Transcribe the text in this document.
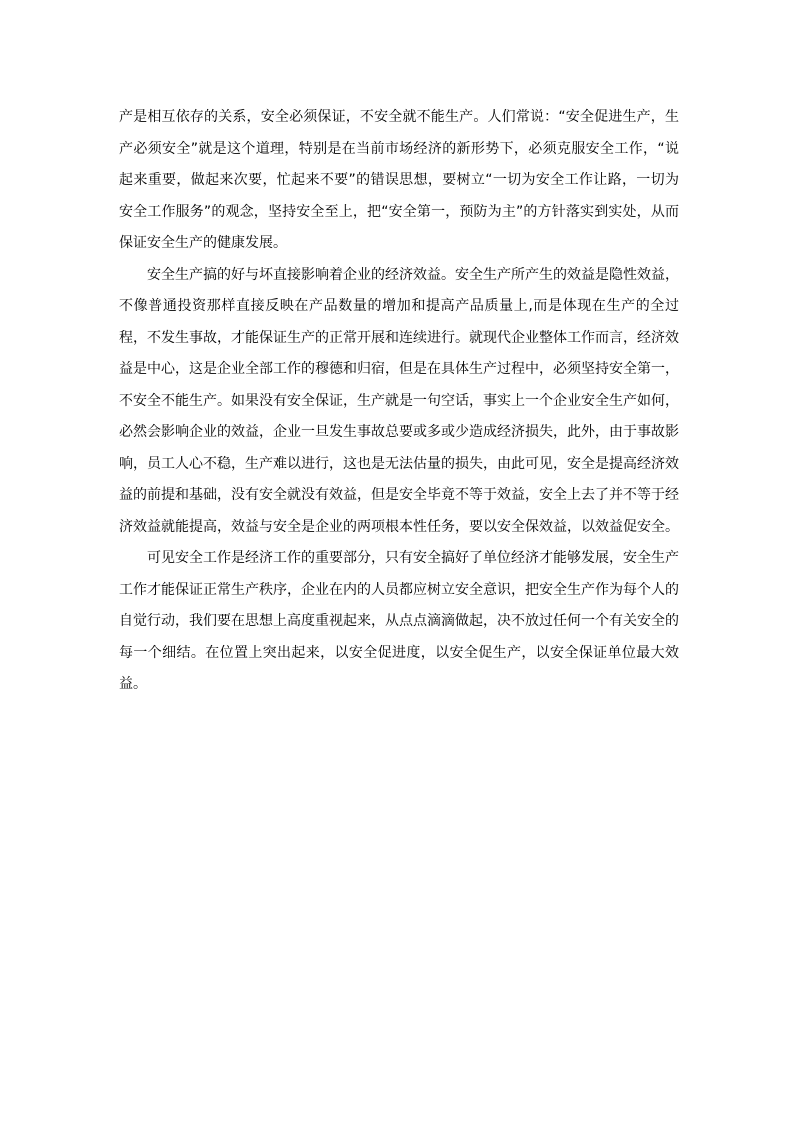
产是相互依存的关系，安全必须保证，不安全就不能生产。人们常说：“安全促进生产，生产必须安全”就是这个道理，特别是在当前市场经济的新形势下，必须克服安全工作，“说起来重要，做起来次要，忙起来不要”的错误思想，要树立“一切为安全工作让路，一切为安全工作服务”的观念，坚持安全至上，把“安全第一，预防为主”的方针落实到实处，从而保证安全生产的健康发展。

安全生产搞的好与坏直接影响着企业的经济效益。安全生产所产生的效益是隐性效益，不像普通投资那样直接反映在产品数量的增加和提高产品质量上,而是体现在生产的全过程，不发生事故，才能保证生产的正常开展和连续进行。就现代企业整体工作而言，经济效益是中心，这是企业全部工作的穆德和归宿，但是在具体生产过程中，必须坚持安全第一，不安全不能生产。如果没有安全保证，生产就是一句空话，事实上一个企业安全生产如何，必然会影响企业的效益，企业一旦发生事故总要或多或少造成经济损失，此外，由于事故影响，员工人心不稳，生产难以进行，这也是无法估量的损失，由此可见，安全是提高经济效益的前提和基础，没有安全就没有效益，但是安全毕竟不等于效益，安全上去了并不等于经济效益就能提高，效益与安全是企业的两项根本性任务，要以安全保效益，以效益促安全。

可见安全工作是经济工作的重要部分，只有安全搞好了单位经济才能够发展，安全生产工作才能保证正常生产秩序，企业在内的人员都应树立安全意识，把安全生产作为每个人的自觉行动，我们要在思想上高度重视起来，从点点滴滴做起，决不放过任何一个有关安全的每一个细结。在位置上突出起来，以安全促进度，以安全促生产，以安全保证单位最大效益。
